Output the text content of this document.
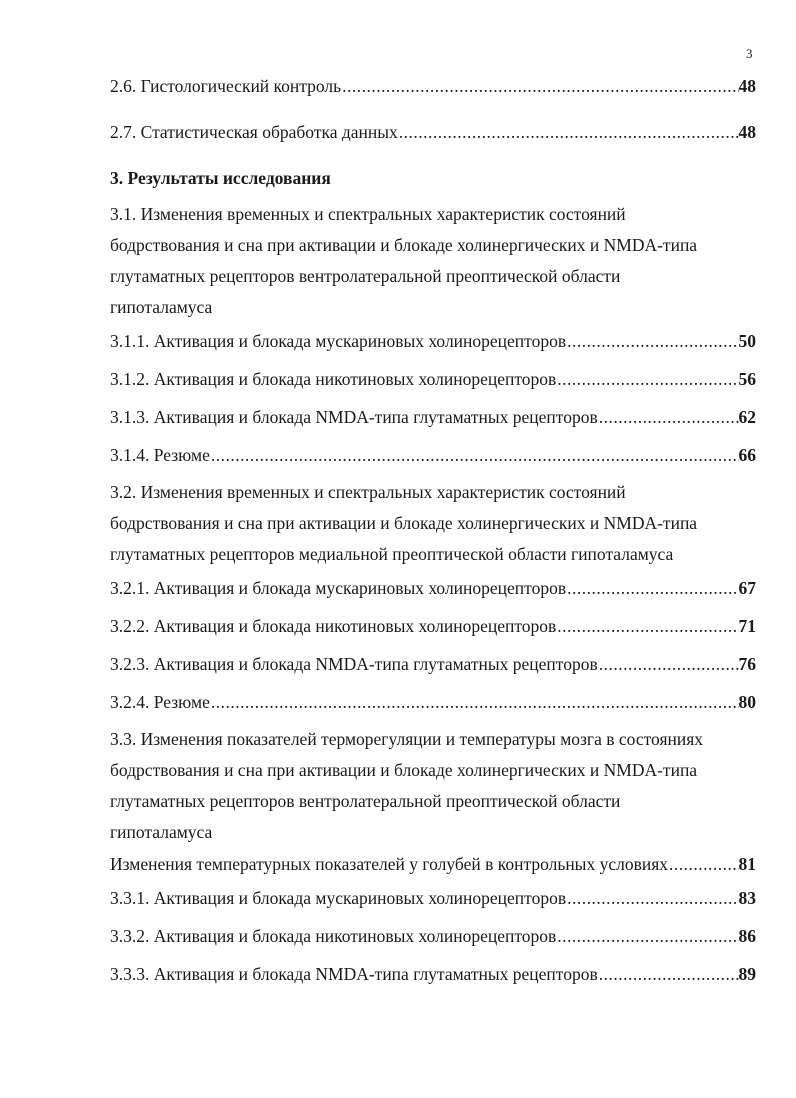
3
2.6. Гистологический контроль .....	48
2.7. Статистическая обработка данных .....	48
3. Результаты исследования
3.1. Изменения временных и спектральных характеристик состояний
бодрствования и сна при активации и блокаде холинергических и NMDA-типа
глутаматных рецепторов вентролатеральной преоптической области
гипоталамуса
3.1.1. Активация и блокада мускариновых холинорецепторов .....	50
3.1.2. Активация и блокада никотиновых холинорецепторов .....	56
3.1.3. Активация и блокада NMDA-типа глутаматных рецепторов .....	62
3.1.4. Резюме .....	66
3.2. Изменения временных и спектральных характеристик состояний
бодрствования и сна при активации и блокаде холинергических и NMDA-типа
глутаматных рецепторов медиальной преоптической области гипоталамуса
3.2.1. Активация и блокада мускариновых холинорецепторов .....	67
3.2.2. Активация и блокада никотиновых холинорецепторов .....	71
3.2.3. Активация и блокада NMDA-типа глутаматных рецепторов .....	76
3.2.4. Резюме .....	80
3.3. Изменения показателей терморегуляции и температуры мозга в состояниях
бодрствования и сна при активации и блокаде холинергических и NMDA-типа
глутаматных рецепторов вентролатеральной преоптической области
гипоталамуса
Изменения температурных показателей у голубей в контрольных условиях .....	81
3.3.1. Активация и блокада мускариновых холинорецепторов .....	83
3.3.2. Активация и блокада никотиновых холинорецепторов .....	86
3.3.3. Активация и блокада NMDA-типа глутаматных рецепторов .....	89
